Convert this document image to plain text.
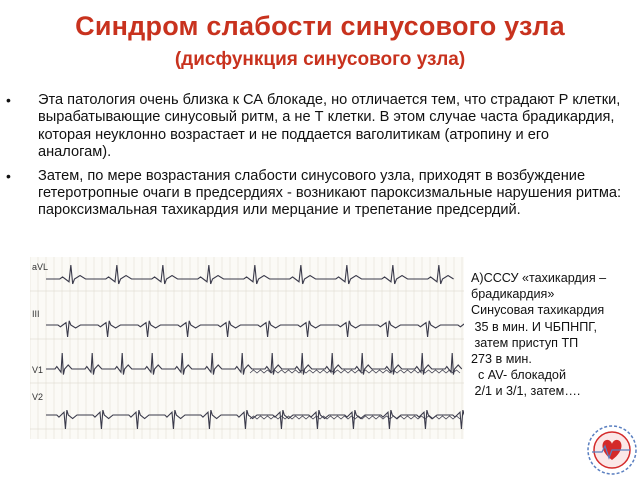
Синдром слабости синусового узла
(дисфункция синусового узла)
• Эта патология очень близка к СА блокаде, но отличается тем, что страдают Р клетки, вырабатывающие синусовый ритм, а не Т клетки. В этом случае часта брадикардия, которая неуклонно возрастает и не поддается ваголитикам (атропину и его аналогам).
• Затем, по мере возрастания слабости синусового узла, приходят в возбуждение гетеротропные очаги в предсердиях - возникают пароксизмальные нарушения ритма: пароксизмальная тахикардия или мерцание и трепетание предсердий.
aVL
III
V1
V2
А)СССУ «тахикардия –
брадикардия»
Синусовая тахикардия
35 в мин. И ЧБПНПГ,
затем приступ ТП
273 в мин.
с AV- блокадой
2/1 и 3/1, затем….
